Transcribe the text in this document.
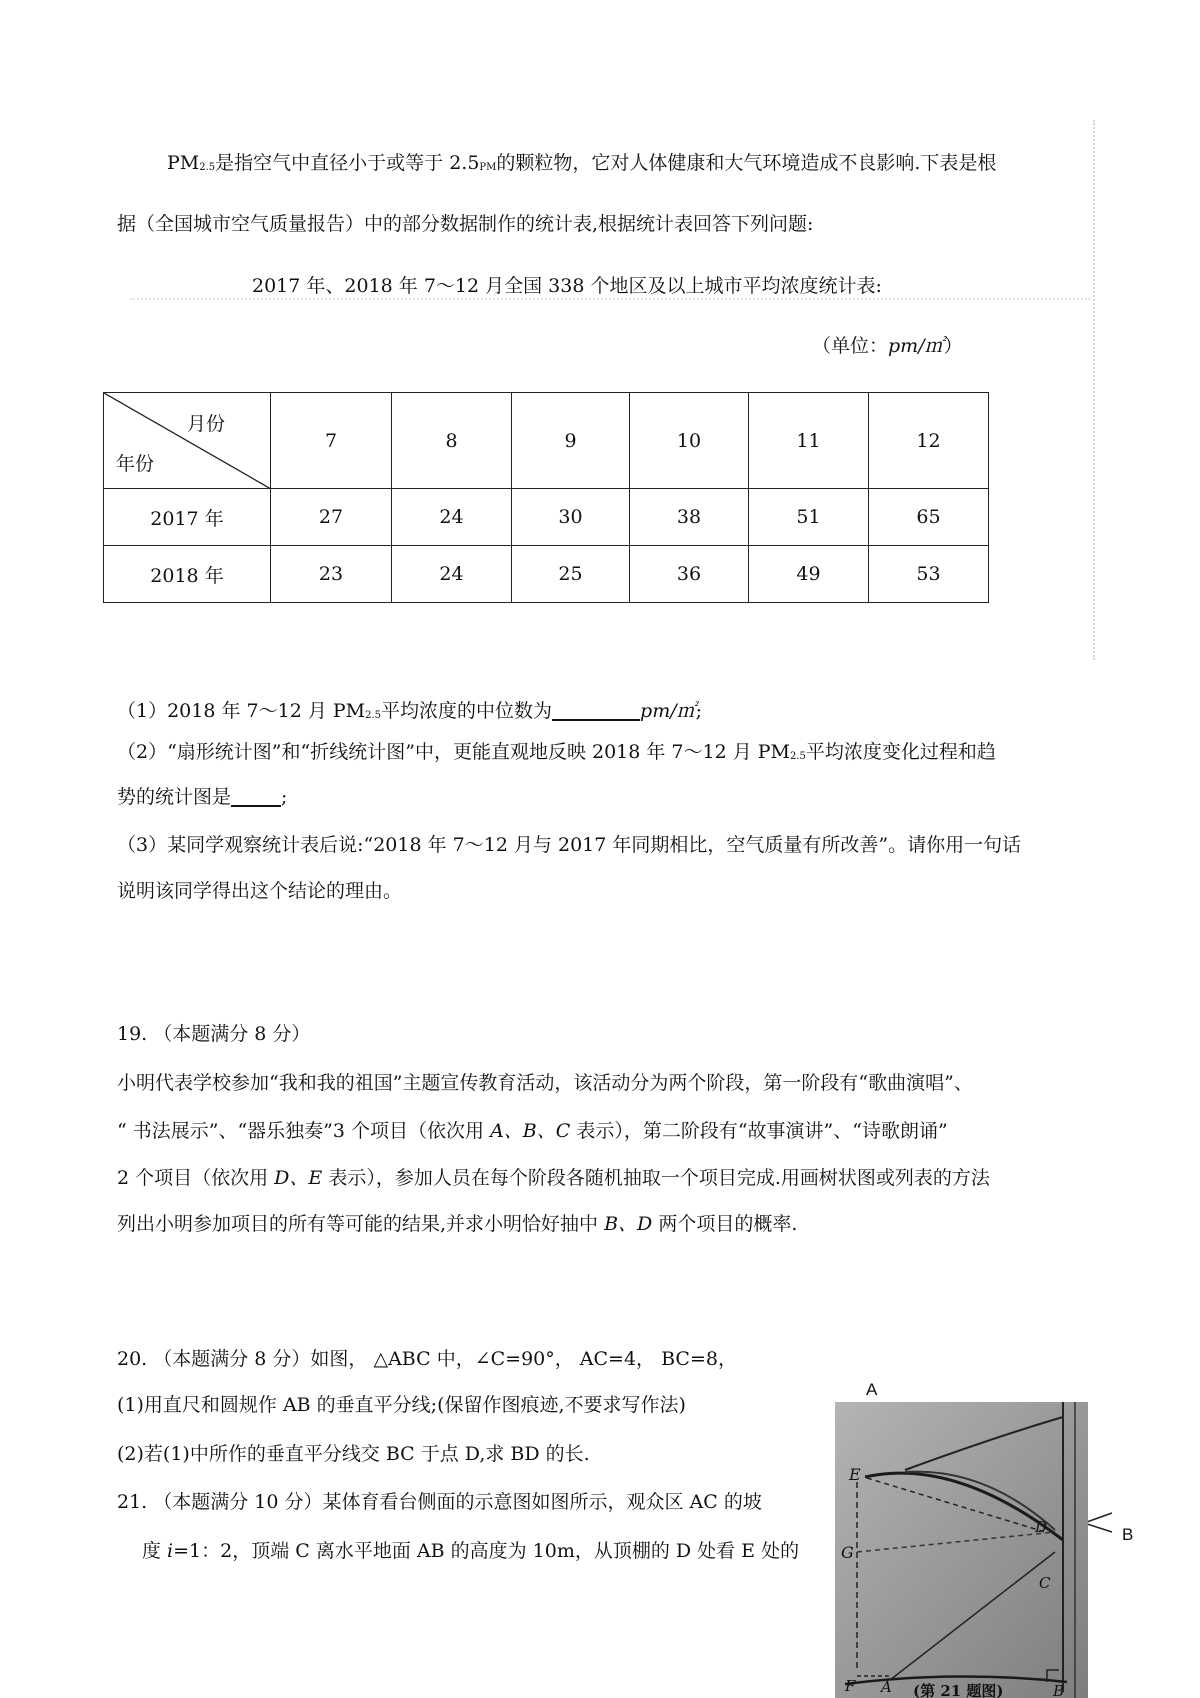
PM2.5是指空气中直径小于或等于 2.5PM的颗粒物，它对人体健康和大气环境造成不良影响.下表是根
据（全国城市空气质量报告）中的部分数据制作的统计表,根据统计表回答下列问题:
2017 年、2018 年 7～12 月全国 338 个地区及以上城市平均浓度统计表:
（单位：pm/㎡）
月份
年份	7	8	9	10	11	12
2017 年	27	24	30	38	51	65
2018 年	23	24	25	36	49	53
（1）2018 年 7～12 月 PM2.5平均浓度的中位数为	pm/㎡;
（2）“扇形统计图”和“折线统计图”中，更能直观地反映 2018 年 7～12 月 PM2.5平均浓度变化过程和趋
势的统计图是	;
（3）某同学观察统计表后说:“2018 年 7～12 月与 2017 年同期相比，空气质量有所改善”。请你用一句话
说明该同学得出这个结论的理由。
19. （本题满分 8 分）
小明代表学校参加“我和我的祖国”主题宣传教育活动，该活动分为两个阶段，第一阶段有“歌曲演唱”、
“ 书法展示”、“器乐独奏”3 个项目（依次用 A、B、C 表示），第二阶段有“故事演讲”、“诗歌朗诵”
2 个项目（依次用 D、E 表示），参加人员在每个阶段各随机抽取一个项目完成.用画树状图或列表的方法
列出小明参加项目的所有等可能的结果,并求小明恰好抽中 B、D 两个项目的概率.
20. （本题满分 8 分）如图， △ABC 中，∠C=90°， AC=4， BC=8，
(1)用直尺和圆规作 AB 的垂直平分线;(保留作图痕迹,不要求写作法)
(2)若(1)中所作的垂直平分线交 BC 于点 D,求 BD 的长.
21. （本题满分 10 分）某体育看台侧面的示意图如图所示，观众区 AC 的坡
度 i=1：2，顶端 C 离水平地面 AB 的高度为 10m，从顶棚的 D 处看 E 处的
A
B
E
G
D
C
F A	B
(第 21 题图)
